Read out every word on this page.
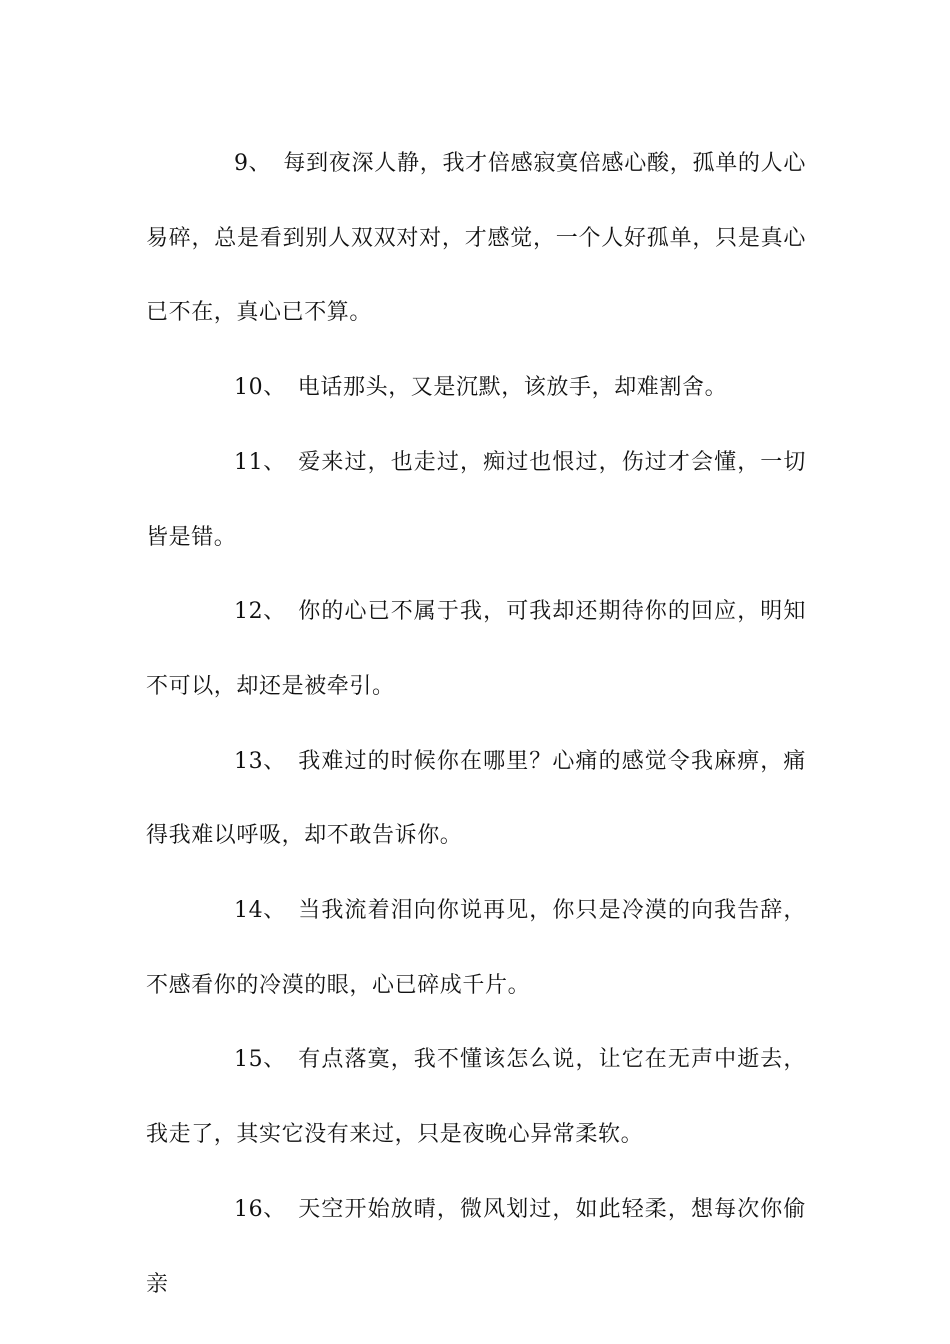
9、 每到夜深人静，我才倍感寂寞倍感心酸，孤单的人心易碎，总是看到别人双双对对，才感觉，一个人好孤单，只是真心已不在，真心已不算。

10、 电话那头，又是沉默，该放手，却难割舍。

11、 爱来过，也走过，痴过也恨过，伤过才会懂，一切皆是错。

12、 你的心已不属于我，可我却还期待你的回应，明知不可以，却还是被牵引。

13、 我难过的时候你在哪里？心痛的感觉令我麻痹，痛得我难以呼吸，却不敢告诉你。

14、 当我流着泪向你说再见，你只是冷漠的向我告辞，不感看你的冷漠的眼，心已碎成千片。

15、 有点落寞，我不懂该怎么说，让它在无声中逝去，我走了，其实它没有来过，只是夜晚心异常柔软。

16、 天空开始放晴，微风划过，如此轻柔，想每次你偷亲
